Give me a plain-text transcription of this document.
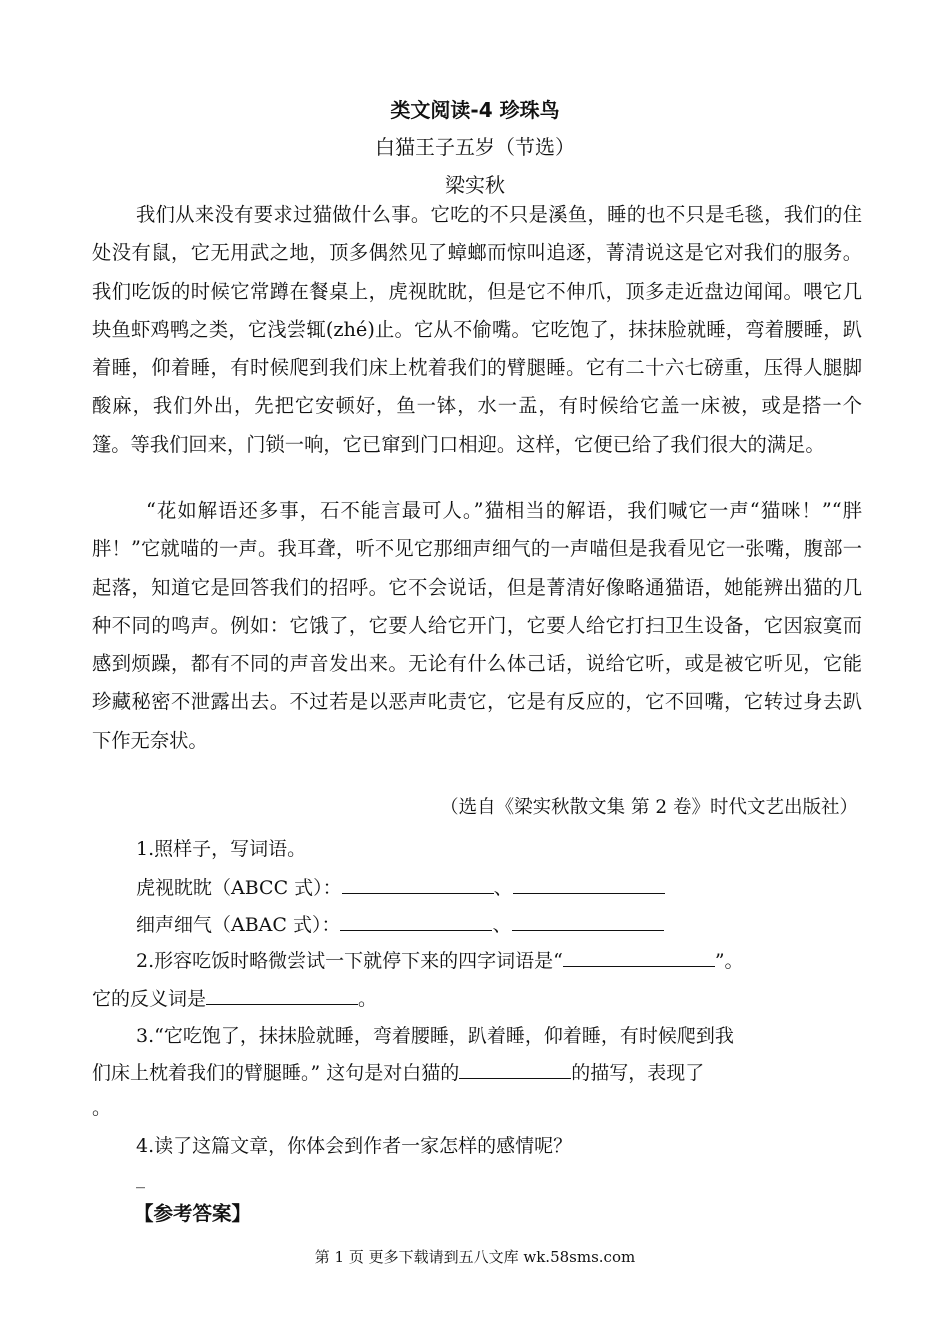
类文阅读-4 珍珠鸟
白猫王子五岁（节选）
梁实秋

我们从来没有要求过猫做什么事。它吃的不只是溪鱼，睡的也不只是毛毯，我们的住处没有鼠，它无用武之地，顶多偶然见了蟑螂而惊叫追逐，菁清说这是它对我们的服务。我们吃饭的时候它常蹲在餐桌上，虎视眈眈，但是它不伸爪，顶多走近盘边闻闻。喂它几块鱼虾鸡鸭之类，它浅尝辄(zhé)止。它从不偷嘴。它吃饱了，抹抹脸就睡，弯着腰睡，趴着睡，仰着睡，有时候爬到我们床上枕着我们的臂腿睡。它有二十六七磅重，压得人腿脚酸麻，我们外出，先把它安顿好，鱼一钵，水一盂，有时候给它盖一床被，或是搭一个篷。等我们回来，门锁一响，它已窜到门口相迎。这样，它便已给了我们很大的满足。

“花如解语还多事，石不能言最可人。”猫相当的解语，我们喊它一声“猫咪！”“胖胖！”它就喵的一声。我耳聋，听不见它那细声细气的一声喵但是我看见它一张嘴，腹部一起落，知道它是回答我们的招呼。它不会说话，但是菁清好像略通猫语，她能辨出猫的几种不同的鸣声。例如：它饿了，它要人给它开门，它要人给它打扫卫生设备，它因寂寞而感到烦躁，都有不同的声音发出来。无论有什么体己话，说给它听，或是被它听见，它能珍藏秘密不泄露出去。不过若是以恶声叱责它，它是有反应的，它不回嘴，它转过身去趴下作无奈状。

（选自《梁实秋散文集 第 2 卷》时代文艺出版社）
1.照样子，写词语。
虎视眈眈（ABCC 式）：	、
细声细气（ABAC 式）：	、
2.形容吃饭时略微尝试一下就停下来的四字词语是“	”。
它的反义词是	。
3.“它吃饱了，抹抹脸就睡，弯着腰睡，趴着睡，仰着睡，有时候爬到我
们床上枕着我们的臂腿睡。” 这句是对白猫的	的描写，表现了
。
4.读了这篇文章，你体会到作者一家怎样的感情呢？
_
【参考答案】
第 1 页 更多下载请到五八文库 wk.58sms.com
